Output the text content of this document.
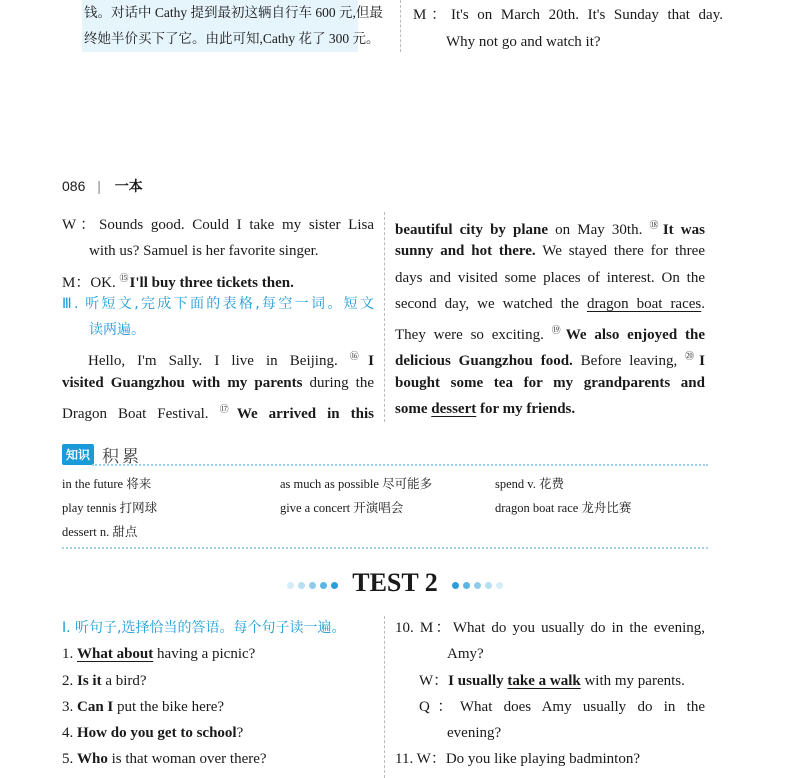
钱。对话中 Cathy 提到最初这辆自行车 600 元,但最
终她半价买下了它。由此可知,Cathy 花了 300 元。
M：It's on March 20th. It's Sunday that day.
Why not go and watch it?
086 | 一本
W：Sounds good. Could I take my sister Lisa
with us? Samuel is her favorite singer.
M：OK. ⑮I'll buy three tickets then.
Ⅲ. 听短文,完成下面的表格,每空一词。短文
读两遍。
Hello, I'm Sally. I live in Beijing. ⑯I
visited Guangzhou with my parents during the
Dragon Boat Festival. ⑰We arrived in this
beautiful city by plane on May 30th. ⑱It was
sunny and hot there. We stayed there for three
days and visited some places of interest. On the
second day, we watched the dragon boat races.
They were so exciting. ⑲We also enjoyed the
delicious Guangzhou food. Before leaving, ⑳I
bought some tea for my grandparents and
some dessert for my friends.
知识 积累
TEST 2
Ⅰ. 听句子,选择恰当的答语。每个句子读一遍。
1. What about having a picnic?
2. Is it a bird?
3. Can I put the bike here?
4. How do you get to school?
5. Who is that woman over there?
10. M：What do you usually do in the evening,
Amy?
W：I usually take a walk with my parents.
Q：What does Amy usually do in the
evening?
11. W：Do you like playing badminton?
in the future 将来	as much as possible 尽可能多	spend v. 花费
play tennis 打网球	give a concert 开演唱会	dragon boat race 龙舟比赛
dessert n. 甜点
